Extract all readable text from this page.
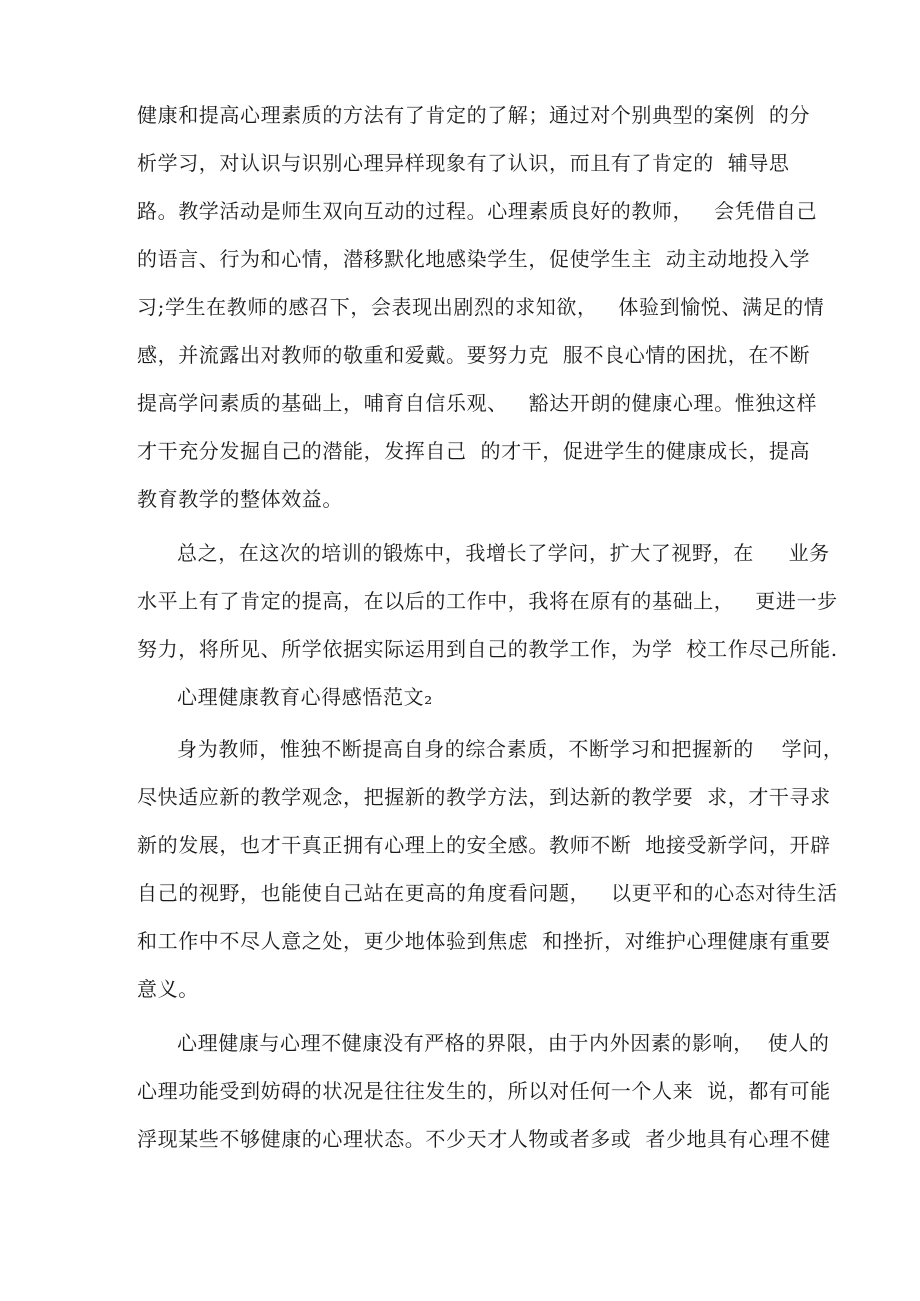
健康和提高心理素质的方法有了肯定的了解；通过对个别典型的案例  的分
析学习，对认识与识别心理异样现象有了认识，而且有了肯定的  辅导思
路。教学活动是师生双向互动的过程。心理素质良好的教师，   会凭借自己
的语言、行为和心情，潜移默化地感染学生，促使学生主  动主动地投入学
习;学生在教师的感召下，会表现出剧烈的求知欲，   体验到愉悦、满足的情
感，并流露出对教师的敬重和爱戴。要努力克  服不良心情的困扰，在不断
提高学问素质的基础上，哺育自信乐观、   豁达开朗的健康心理。惟独这样
才干充分发掘自己的潜能，发挥自己  的才干，促进学生的健康成长，提高
教育教学的整体效益。
总之，在这次的培训的锻炼中，我增长了学问，扩大了视野，在     业务
水平上有了肯定的提高，在以后的工作中，我将在原有的基础上，   更进一步
努力，将所见、所学依据实际运用到自己的教学工作，为学  校工作尽己所能.
心理健康教育心得感悟范文₂
身为教师，惟独不断提高自身的综合素质，不断学习和把握新的    学问，
尽快适应新的教学观念，把握新的教学方法，到达新的教学要  求，才干寻求
新的发展，也才干真正拥有心理上的安全感。教师不断  地接受新学问，开辟
自己的视野，也能使自己站在更高的角度看问题，   以更平和的心态对待生活
和工作中不尽人意之处，更少地体验到焦虑  和挫折，对维护心理健康有重要
意义。
心理健康与心理不健康没有严格的界限，由于内外因素的影响，  使人的
心理功能受到妨碍的状况是往往发生的，所以对任何一个人来  说，都有可能
浮现某些不够健康的心理状态。不少天才人物或者多或  者少地具有心理不健
